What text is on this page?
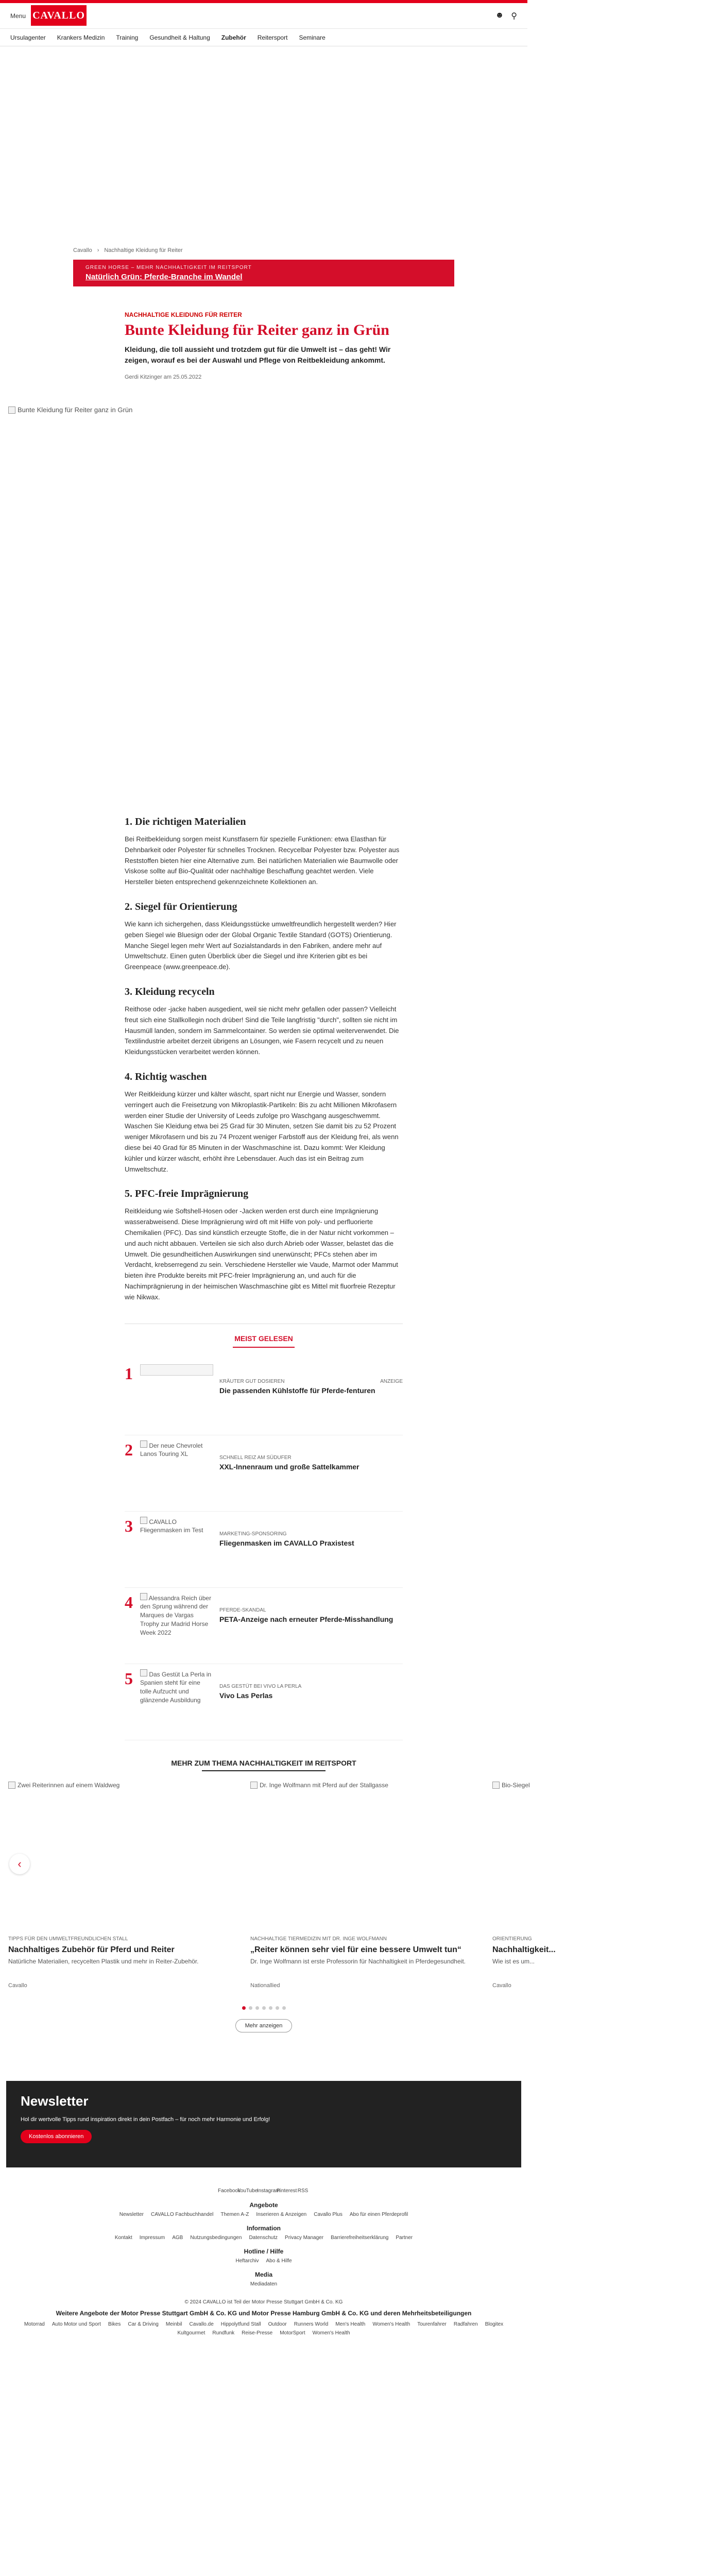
Menu CAVALLO	☻ ⚲
Ursulagenter Krankers Medizin Training Gesundheit & Haltung Zubehör Reitersport Seminare
Cavallo › Nachhaltige Kleidung für Reiter
GREEN HORSE – MEHR NACHHALTIGKEIT IM REITSPORT
Natürlich Grün: Pferde-Branche im Wandel
NACHHALTIGE KLEIDUNG FÜR REITER
Bunte Kleidung für Reiter ganz in Grün
Kleidung, die toll aussieht und trotzdem gut für die Umwelt ist – das geht! Wir zeigen, worauf es bei der Auswahl und Pflege von Reitbekleidung ankommt.
Gerdi Kitzinger am 25.05.2022
Bunte Kleidung für Reiter ganz in Grün
1. Die richtigen Materialien

Bei Reitbekleidung sorgen meist Kunstfasern für spezielle Funktionen: etwa Elasthan für Dehnbarkeit oder Polyester für schnelles Trocknen. Recycelbar Polyester bzw. Polyester aus Reststoffen bieten hier eine Alternative zum. Bei natürlichen Materialien wie Baumwolle oder Viskose sollte auf Bio-Qualität oder nachhaltige Beschaffung geachtet werden. Viele Hersteller bieten entsprechend gekennzeichnete Kollektionen an.

2. Siegel für Orientierung

Wie kann ich sichergehen, dass Kleidungsstücke umweltfreundlich hergestellt werden? Hier geben Siegel wie Bluesign oder der Global Organic Textile Standard (GOTS) Orientierung. Manche Siegel legen mehr Wert auf Sozialstandards in den Fabriken, andere mehr auf Umweltschutz. Einen guten Überblick über die Siegel und ihre Kriterien gibt es bei Greenpeace (www.greenpeace.de).

3. Kleidung recyceln

Reithose oder -jacke haben ausgedient, weil sie nicht mehr gefallen oder passen? Vielleicht freut sich eine Stallkollegin noch drüber! Sind die Teile langfristig "durch", sollten sie nicht im Hausmüll landen, sondern im Sammelcontainer. So werden sie optimal weiterverwendet. Die Textilindustrie arbeitet derzeit übrigens an Lösungen, wie Fasern recycelt und zu neuen Kleidungsstücken verarbeitet werden können.

4. Richtig waschen

Wer Reitkleidung kürzer und kälter wäscht, spart nicht nur Energie und Wasser, sondern verringert auch die Freisetzung von Mikroplastik-Partikeln: Bis zu acht Millionen Mikrofasern werden einer Studie der University of Leeds zufolge pro Waschgang ausgeschwemmt. Waschen Sie Kleidung etwa bei 25 Grad für 30 Minuten, setzen Sie damit bis zu 52 Prozent weniger Mikrofasern und bis zu 74 Prozent weniger Farbstoff aus der Kleidung frei, als wenn diese bei 40 Grad für 85 Minuten in der Waschmaschine ist. Dazu kommt: Wer Kleidung kühler und kürzer wäscht, erhöht ihre Lebensdauer. Auch das ist ein Beitrag zum Umweltschutz.

5. PFC-freie Imprägnierung

Reitkleidung wie Softshell-Hosen oder -Jacken werden erst durch eine Imprägnierung wasserabweisend. Diese Imprägnierung wird oft mit Hilfe von poly- und perfluorierte Chemikalien (PFC). Das sind künstlich erzeugte Stoffe, die in der Natur nicht vorkommen – und auch nicht abbauen. Verteilen sie sich also durch Abrieb oder Wasser, belastet das die Umwelt. Die gesundheitlichen Auswirkungen sind unerwünscht; PFCs stehen aber im Verdacht, krebserregend zu sein. Verschiedene Hersteller wie Vaude, Marmot oder Mammut bieten ihre Produkte bereits mit PFC-freier Imprägnierung an, und auch für die Nachimprägnierung in der heimischen Waschmaschine gibt es Mittel mit fluorfreie Rezeptur wie Nikwax.

MEIST GELESEN
1	KRÄUTER GUT DOSIEREN	ANZEIGE
Die passenden Kühlstoffe für Pferde-fenturen
2	Der neue Chevrolet Lanos Touring XL	SCHNELL REIZ AM SÜDUFER
XXL-Innenraum und große Sattelkammer
3	CAVALLO Fliegenmasken im Test	MARKETING-SPONSORING
Fliegenmasken im CAVALLO Praxistest
4	Alessandra Reich über den Sprung während der Marques de Vargas Trophy zur Madrid Horse Week 2022
PFERDE-SKANDAL
PETA-Anzeige nach erneuter Pferde-Misshandlung
5	Das Gestüt La Perla in Spanien steht für eine tolle Aufzucht und glänzende Ausbildung
DAS GESTÜT BEI VIVO LA PERLA
Vivo Las Perlas
MEHR ZUM THEMA NACHHALTIGKEIT IM REITSPORT
Zwei Reiterinnen auf einem Waldweg
TIPPS FÜR DEN UMWELTFREUNDLICHEN STALL
Nachhaltiges Zubehör für Pferd und Reiter
Natürliche Materialien, recycelten Plastik und mehr in Reiter-Zubehör.
Cavallo
Dr. Inge Wolfmann mit Pferd auf der Stallgasse
NACHHALTIGE TIERMEDIZIN MIT DR. INGE WOLFMANN
„Reiter können sehr viel für eine bessere Umwelt tun“
Dr. Inge Wolfmann ist erste Professorin für Nachhaltigkeit in Pferdegesundheit.
Nationallied
Bio-Siegel
ORIENTIERUNG
Nachhaltigkeit...
Wie ist es um...
Cavallo
‹
Mehr anzeigen
Newsletter

Hol dir wertvolle Tipps rund inspiration direkt in dein Postfach – für noch mehr Harmonie und Erfolg!

Kostenlos abonnieren
Facebook
YouTube
Instagram
Pinterest RSS
Angebote
Newsletter CAVALLO Fachbuchhandel Themen A-Z Inserieren & Anzeigen Cavallo Plus Abo für einen Pferdeprofil
Information
Kontakt Impressum AGB Nutzungsbedingungen Datenschutz Privacy Manager Barrierefreiheitserklärung Partner
Hotline / Hilfe
Heftarchiv Abo & Hilfe
Media
Mediadaten
© 2024 CAVALLO ist Teil der Motor Presse Stuttgart GmbH & Co. KG
Weitere Angebote der Motor Presse Stuttgart GmbH & Co. KG und Motor Presse Hamburg GmbH & Co. KG und deren Mehrheitsbeteiligungen
Motorrad Auto Motor und Sport Bikes Car & Driving Meinbil Cavallo.de Hippolytfund Stall Outdoor Runners World Men's Health Women's Health Tourenfahrer Radfahren Blogitex
Kultgourmet Rundfunk Reise-Presse MotorSport Women's Health
